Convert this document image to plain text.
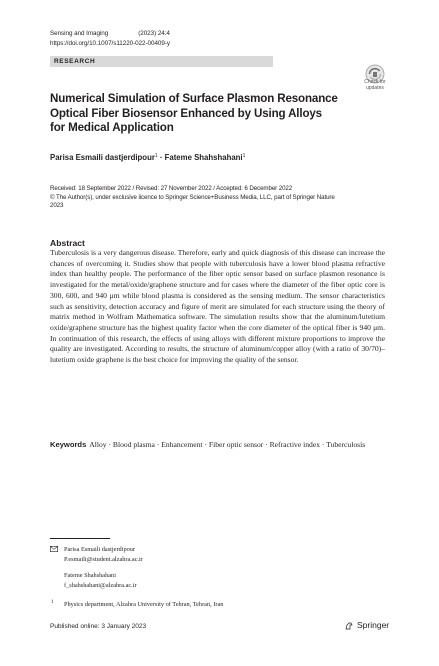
Sensing and Imaging	(2023) 24:4
https://doi.org/10.1007/s11220-022-00409-y
RESEARCH
Check for
updates
Numerical Simulation of Surface Plasmon Resonance
Optical Fiber Biosensor Enhanced by Using Alloys
for Medical Application
Parisa Esmaili dastjerdipour$^1$ · Fateme Shahshahani$^1$
Received: 18 September 2022 / Revised: 27 November 2022 / Accepted: 6 December 2022
© The Author(s), under exclusive licence to Springer Science+Business Media, LLC, part of Springer Nature
2023
Abstract
Tuberculosis is a very dangerous disease. Therefore, early and quick diagnosis of this disease can increase the chances of overcoming it. Studies show that people with tuberculosis have a lower blood plasma refractive index than healthy people. The performance of the fiber optic sensor based on surface plasmon resonance is investigated for the metal/oxide/graphene structure and for cases where the diameter of the fiber optic core is 300, 600, and 940 μm while blood plasma is considered as the sensing medium. The sensor characteristics such as sensitivity, detection accuracy and figure of merit are simulated for each structure using the theory of matrix method in Wolfram Mathematica software. The simulation results show that the aluminum/lutetium oxide/graphene structure has the highest quality factor when the core diameter of the optical fiber is 940 μm. In continuation of this research, the effects of using alloys with different mixture proportions to improve the quality are investigated. According to results, the structure of aluminum/copper alloy (with a ratio of 30/70)–lutetium oxide graphene is the best choice for improving the quality of the sensor.
Keywords Alloy · Blood plasma · Enhancement · Fiber optic sensor · Refractive index · Tuberculosis
Parisa Esmaili dastjerdipour
P.esmaili@student.alzahra.ac.ir
Fateme Shahshahani
f_shahshahani@alzahra.ac.ir
1 Physics department, Alzahra University of Tehran, Tehran, Iran
Published online: 3 January 2023	Springer
